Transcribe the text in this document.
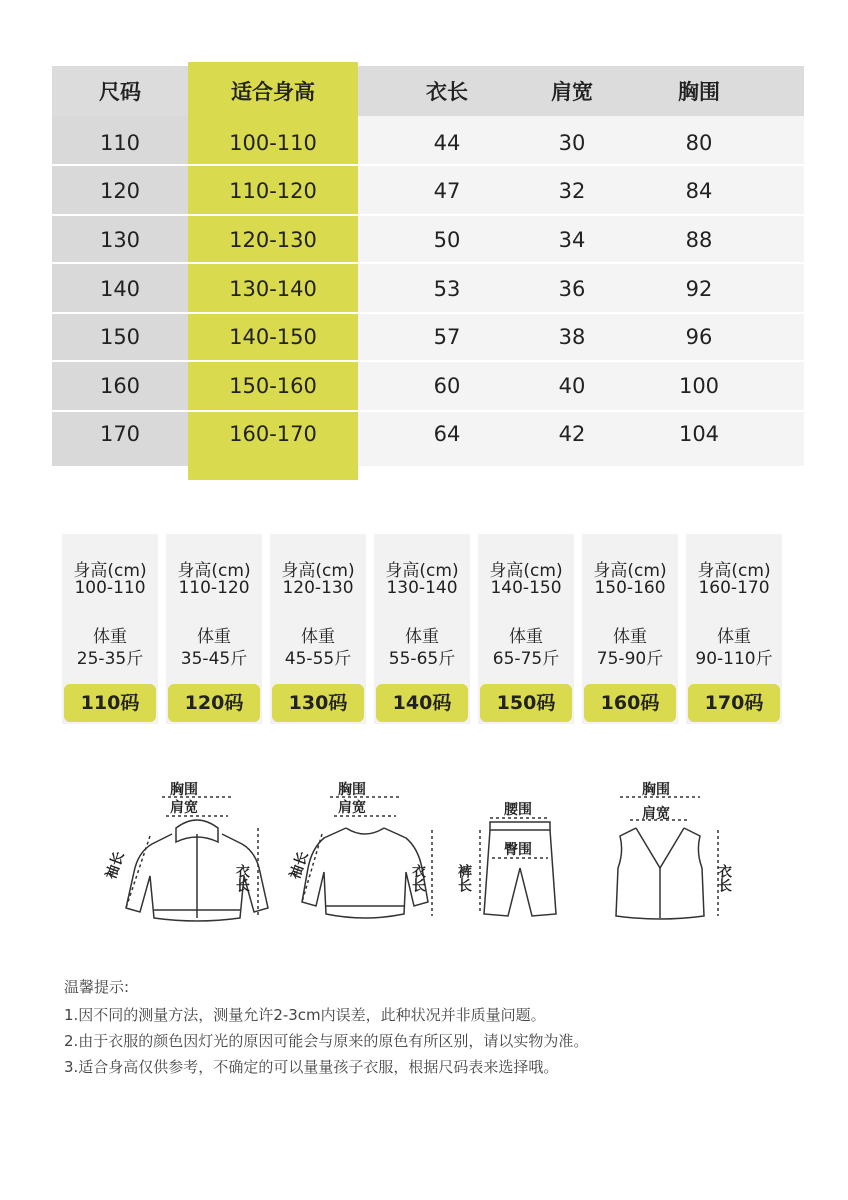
尺码	适合身高	衣长	肩宽	胸围
110	100-110	44	30	80
120	110-120	47	32	84
130	120-130	50	34	88
140	130-140	53	36	92
150	140-150	57	38	96
160	150-160	60	40	100
170	160-170	64	42	104
身高(cm)
100-110
体重
25-35斤
110码
身高(cm)
110-120
体重
35-45斤
120码
身高(cm)
120-130
体重
45-55斤
130码
身高(cm)
130-140
体重
55-65斤
140码
身高(cm)
140-150
体重
65-75斤
150码
身高(cm)
150-160
体重
75-90斤
160码
身高(cm)
160-170
体重
90-110斤
170码
胸围
肩宽
袖长	衣长
胸围
肩宽
袖长	衣长
腰围
臀围
裤长
胸围
肩宽
衣长
温馨提示:
1.因不同的测量方法，测量允许2-3cm内误差，此种状况并非质量问题。
2.由于衣服的颜色因灯光的原因可能会与原来的原色有所区别，请以实物为准。
3.适合身高仅供参考，不确定的可以量量孩子衣服，根据尺码表来选择哦。
